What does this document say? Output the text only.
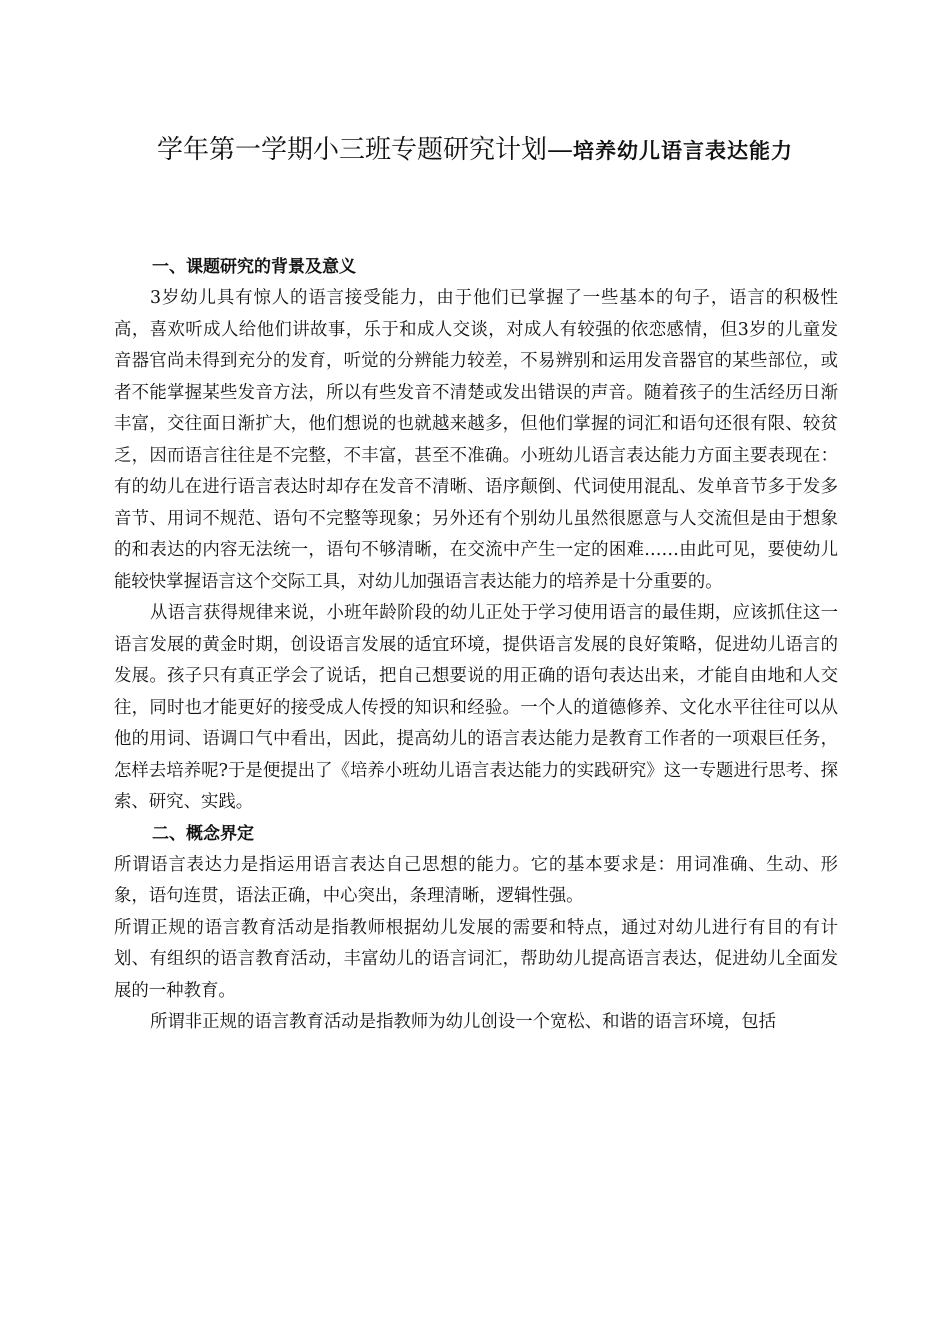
学年第一学期小三班专题研究计划—培养幼儿语言表达能力
一、课题研究的背景及意义

3岁幼儿具有惊人的语言接受能力，由于他们已掌握了一些基本的句子，语言的积极性高，喜欢听成人给他们讲故事，乐于和成人交谈，对成人有较强的依恋感情，但3岁的儿童发音器官尚未得到充分的发育，听觉的分辨能力较差，不易辨别和运用发音器官的某些部位，或者不能掌握某些发音方法，所以有些发音不清楚或发出错误的声音。随着孩子的生活经历日渐丰富，交往面日渐扩大，他们想说的也就越来越多，但他们掌握的词汇和语句还很有限、较贫乏，因而语言往往是不完整，不丰富，甚至不准确。小班幼儿语言表达能力方面主要表现在：有的幼儿在进行语言表达时却存在发音不清晰、语序颠倒、代词使用混乱、发单音节多于发多音节、用词不规范、语句不完整等现象；另外还有个别幼儿虽然很愿意与人交流但是由于想象的和表达的内容无法统一，语句不够清晰，在交流中产生一定的困难……由此可见，要使幼儿能较快掌握语言这个交际工具，对幼儿加强语言表达能力的培养是十分重要的。

从语言获得规律来说，小班年龄阶段的幼儿正处于学习使用语言的最佳期，应该抓住这一语言发展的黄金时期，创设语言发展的适宜环境，提供语言发展的良好策略，促进幼儿语言的发展。孩子只有真正学会了说话，把自己想要说的用正确的语句表达出来，才能自由地和人交往，同时也才能更好的接受成人传授的知识和经验。一个人的道德修养、文化水平往往可以从他的用词、语调口气中看出，因此，提高幼儿的语言表达能力是教育工作者的一项艰巨任务，怎样去培养呢?于是便提出了《培养小班幼儿语言表达能力的实践研究》这一专题进行思考、探索、研究、实践。

二、概念界定

所谓语言表达力是指运用语言表达自己思想的能力。它的基本要求是：用词准确、生动、形象，语句连贯，语法正确，中心突出，条理清晰，逻辑性强。

所谓正规的语言教育活动是指教师根据幼儿发展的需要和特点，通过对幼儿进行有目的有计划、有组织的语言教育活动，丰富幼儿的语言词汇，帮助幼儿提高语言表达，促进幼儿全面发展的一种教育。

所谓非正规的语言教育活动是指教师为幼儿创设一个宽松、和谐的语言环境，包括
